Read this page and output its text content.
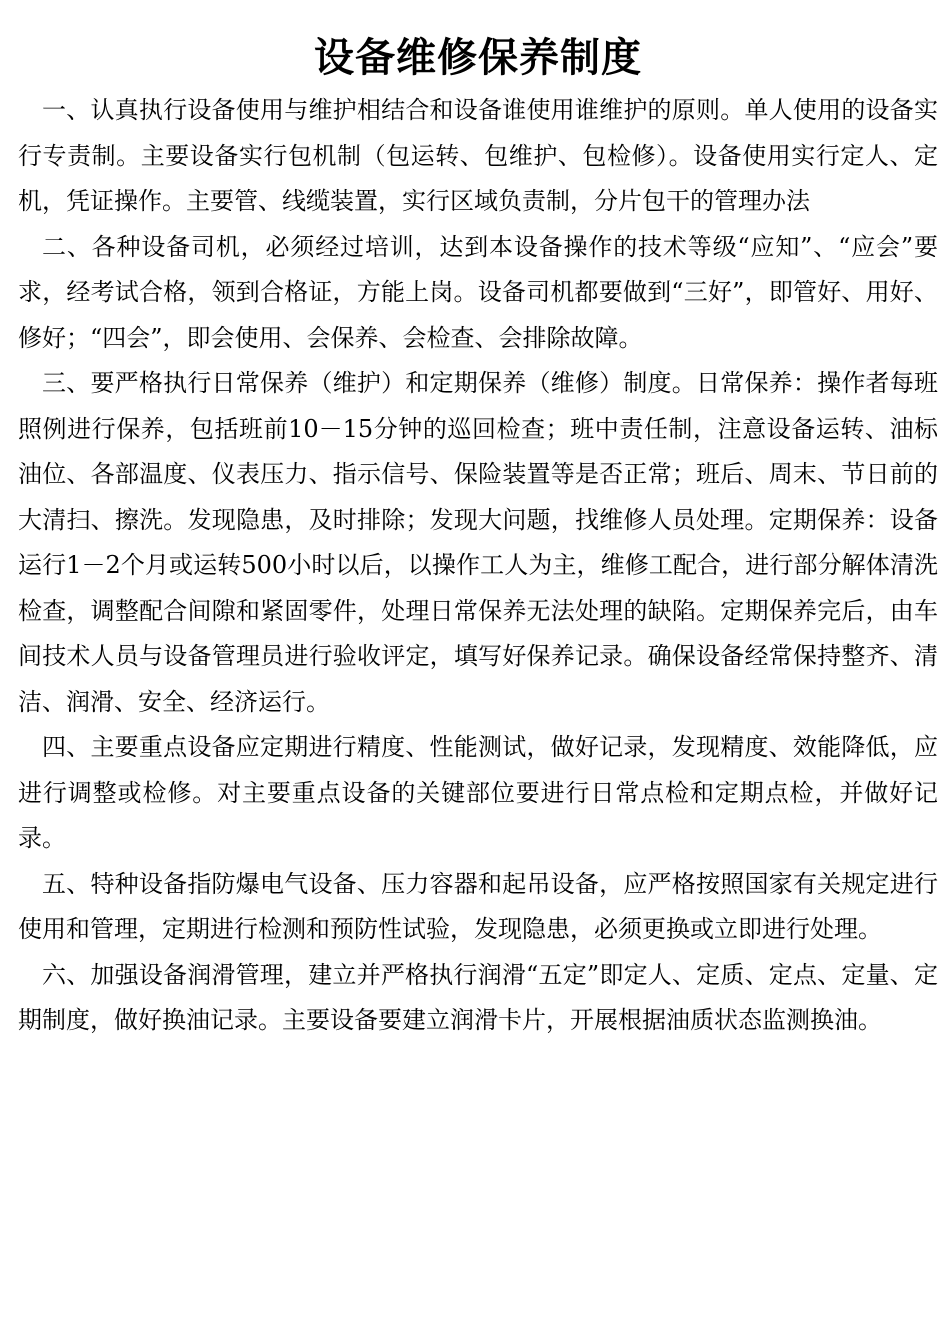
设备维修保养制度

一、认真执行设备使用与维护相结合和设备谁使用谁维护的原则。单人使用的设备实行专责制。主要设备实行包机制（包运转、包维护、包检修）。设备使用实行定人、定机，凭证操作。主要管、线缆装置，实行区域负责制，分片包干的管理办法

二、各种设备司机，必须经过培训，达到本设备操作的技术等级“应知”、“应会”要求，经考试合格，领到合格证，方能上岗。设备司机都要做到“三好”，即管好、用好、修好；“四会”，即会使用、会保养、会检查、会排除故障。

三、要严格执行日常保养（维护）和定期保养（维修）制度。日常保养：操作者每班照例进行保养，包括班前10－15分钟的巡回检查；班中责任制，注意设备运转、油标油位、各部温度、仪表压力、指示信号、保险装置等是否正常；班后、周末、节日前的大清扫、擦洗。发现隐患，及时排除；发现大问题，找维修人员处理。定期保养：设备运行1－2个月或运转500小时以后，以操作工人为主，维修工配合，进行部分解体清洗检查，调整配合间隙和紧固零件，处理日常保养无法处理的缺陷。定期保养完后，由车间技术人员与设备管理员进行验收评定，填写好保养记录。确保设备经常保持整齐、清洁、润滑、安全、经济运行。

四、主要重点设备应定期进行精度、性能测试，做好记录，发现精度、效能降低，应进行调整或检修。对主要重点设备的关键部位要进行日常点检和定期点检，并做好记录。

五、特种设备指防爆电气设备、压力容器和起吊设备，应严格按照国家有关规定进行使用和管理，定期进行检测和预防性试验，发现隐患，必须更换或立即进行处理。

六、加强设备润滑管理，建立并严格执行润滑“五定”即定人、定质、定点、定量、定期制度，做好换油记录。主要设备要建立润滑卡片，开展根据油质状态监测换油。
